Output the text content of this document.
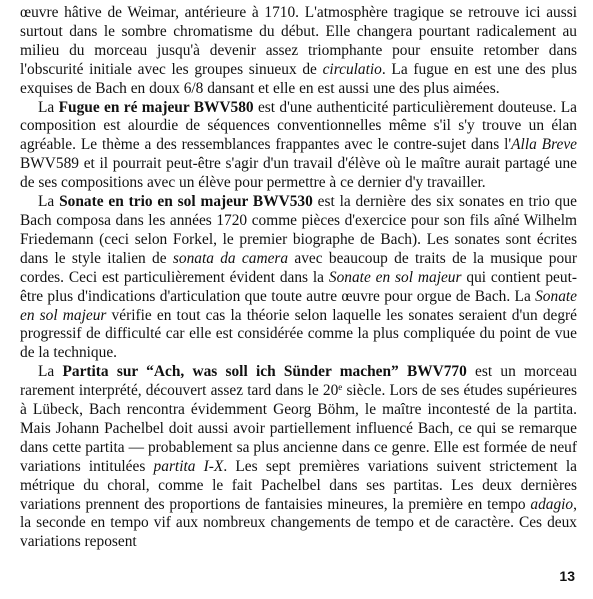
œuvre hâtive de Weimar, antérieure à 1710. L'atmosphère tragique se retrouve ici aussi surtout dans le sombre chromatisme du début. Elle changera pourtant radicalement au milieu du morceau jusqu'à devenir assez triomphante pour ensuite retomber dans l'obscurité initiale avec les groupes sinueux de circulatio. La fugue en est une des plus exquises de Bach en doux 6/8 dansant et elle en est aussi une des plus aimées.

La Fugue en ré majeur BWV580 est d'une authenticité particulièrement douteuse. La composition est alourdie de séquences conventionnelles même s'il s'y trouve un élan agréable. Le thème a des ressemblances frappantes avec le contre-sujet dans l'Alla Breve BWV589 et il pourrait peut-être s'agir d'un travail d'élève où le maître aurait partagé une de ses compositions avec un élève pour permettre à ce dernier d'y travailler.

La Sonate en trio en sol majeur BWV530 est la dernière des six sonates en trio que Bach composa dans les années 1720 comme pièces d'exercice pour son fils aîné Wilhelm Friedemann (ceci selon Forkel, le premier biographe de Bach). Les sonates sont écrites dans le style italien de sonata da camera avec beaucoup de traits de la musique pour cordes. Ceci est particulièrement évident dans la Sonate en sol majeur qui contient peut-être plus d'indications d'articulation que toute autre œuvre pour orgue de Bach. La Sonate en sol majeur vérifie en tout cas la théorie selon laquelle les sonates seraient d'un degré progressif de difficulté car elle est considérée comme la plus compliquée du point de vue de la technique.

La Partita sur “Ach, was soll ich Sünder machen” BWV770 est un morceau rarement interprété, découvert assez tard dans le 20e siècle. Lors de ses études supérieures à Lübeck, Bach rencontra évidemment Georg Böhm, le maître incontesté de la partita. Mais Johann Pachelbel doit aussi avoir partiellement influencé Bach, ce qui se remarque dans cette partita — probablement sa plus ancienne dans ce genre. Elle est formée de neuf variations intitulées partita I-X. Les sept premières variations suivent strictement la métrique du choral, comme le fait Pachelbel dans ses partitas. Les deux dernières variations prennent des proportions de fantaisies mineures, la première en tempo adagio, la seconde en tempo vif aux nombreux changements de tempo et de caractère. Ces deux variations reposent

13
